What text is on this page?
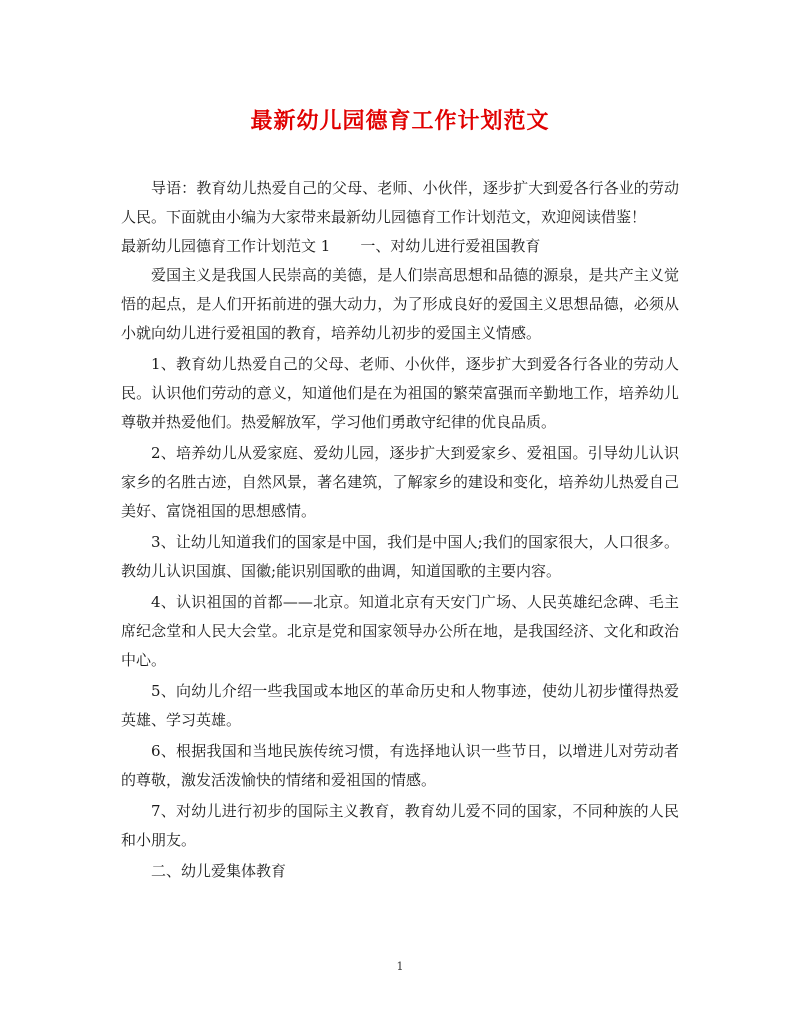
最新幼儿园德育工作计划范文

导语：教育幼儿热爱自己的父母、老师、小伙伴，逐步扩大到爱各行各业的劳动人民。下面就由小编为大家带来最新幼儿园德育工作计划范文，欢迎阅读借鉴！

最新幼儿园德育工作计划范文 1 一、对幼儿进行爱祖国教育

爱国主义是我国人民崇高的美德，是人们崇高思想和品德的源泉，是共产主义觉悟的起点，是人们开拓前进的强大动力，为了形成良好的爱国主义思想品德，必须从小就向幼儿进行爱祖国的教育，培养幼儿初步的爱国主义情感。

1、教育幼儿热爱自己的父母、老师、小伙伴，逐步扩大到爱各行各业的劳动人民。认识他们劳动的意义，知道他们是在为祖国的繁荣富强而辛勤地工作，培养幼儿尊敬并热爱他们。热爱解放军，学习他们勇敢守纪律的优良品质。

2、培养幼儿从爱家庭、爱幼儿园，逐步扩大到爱家乡、爱祖国。引导幼儿认识家乡的名胜古迹，自然风景，著名建筑，了解家乡的建设和变化，培养幼儿热爱自己美好、富饶祖国的思想感情。

3、让幼儿知道我们的国家是中国，我们是中国人;我们的国家很大，人口很多。教幼儿认识国旗、国徽;能识别国歌的曲调，知道国歌的主要内容。

4、认识祖国的首都——北京。知道北京有天安门广场、人民英雄纪念碑、毛主席纪念堂和人民大会堂。北京是党和国家领导办公所在地，是我国经济、文化和政治中心。

5、向幼儿介绍一些我国或本地区的革命历史和人物事迹，使幼儿初步懂得热爱英雄、学习英雄。

6、根据我国和当地民族传统习惯，有选择地认识一些节日，以增进儿对劳动者的尊敬，激发活泼愉快的情绪和爱祖国的情感。

7、对幼儿进行初步的国际主义教育，教育幼儿爱不同的国家，不同种族的人民和小朋友。

二、幼儿爱集体教育

1
